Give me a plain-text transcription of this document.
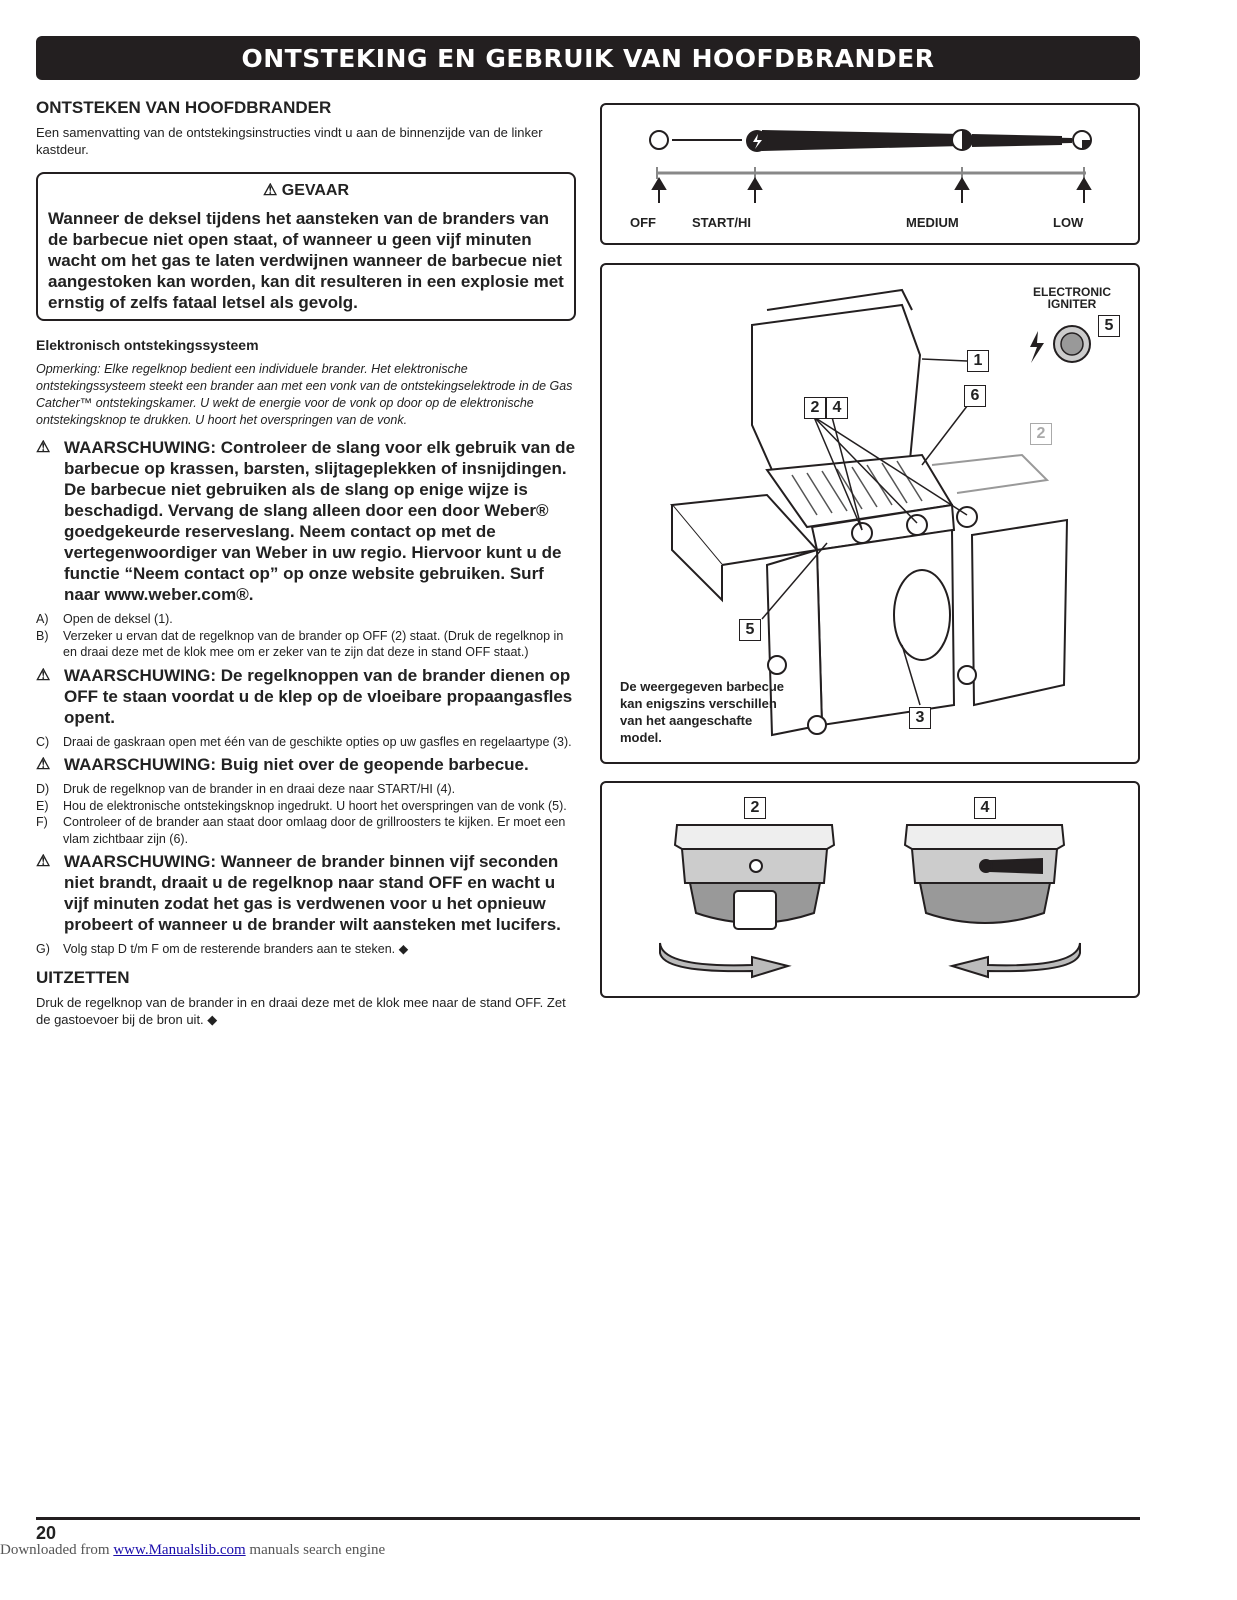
ONTSTEKING EN GEBRUIK VAN HOOFDBRANDER
ONTSTEKEN VAN HOOFDBRANDER

Een samenvatting van de ontstekingsinstructies vindt u aan de binnenzijde van de linker kastdeur.

⚠ GEVAAR
Wanneer de deksel tijdens het aansteken van de branders van de barbecue niet open staat, of wanneer u geen vijf minuten wacht om het gas te laten verdwijnen wanneer de barbecue niet aangestoken kan worden, kan dit resulteren in een explosie met ernstig of zelfs fataal letsel als gevolg.
Elektronisch ontstekingssysteem

Opmerking: Elke regelknop bedient een individuele brander. Het elektronische ontstekingssysteem steekt een brander aan met een vonk van de ontstekingselektrode in de Gas Catcher™ ontstekingskamer. U wekt de energie voor de vonk op door op de elektronische ontstekingsknop te drukken. U hoort het overspringen van de vonk.

⚠ WAARSCHUWING: Controleer de slang voor elk gebruik van de barbecue op krassen, barsten, slijtageplekken of insnijdingen. De barbecue niet gebruiken als de slang op enige wijze is beschadigd. Vervang de slang alleen door een door Weber® goedgekeurde reserveslang. Neem contact op met de vertegenwoordiger van Weber in uw regio. Hiervoor kunt u de functie “Neem contact op” op onze website gebruiken. Surf naar www.weber.com®.
A)	Open de deksel (1).
B)	Verzeker u ervan dat de regelknop van de brander op OFF (2) staat. (Druk de regelknop in en draai deze met de klok mee om er zeker van te zijn dat deze in stand OFF staat.)
⚠ WAARSCHUWING: De regelknoppen van de brander dienen op OFF te staan voordat u de klep op de vloeibare propaangasfles opent.
C)	Draai de gaskraan open met één van de geschikte opties op uw gasfles en regelaartype (3).
⚠ WAARSCHUWING: Buig niet over de geopende barbecue.
D)	Druk de regelknop van de brander in en draai deze naar START/HI (4).
E)	Hou de elektronische ontstekingsknop ingedrukt. U hoort het overspringen van de vonk (5).
F)	Controleer of de brander aan staat door omlaag door de grillroosters te kijken. Er moet een vlam zichtbaar zijn (6).
⚠ WAARSCHUWING: Wanneer de brander binnen vijf seconden niet brandt, draait u de regelknop naar stand OFF en wacht u vijf minuten zodat het gas is verdwenen voor u het opnieuw probeert of wanneer u de brander wilt aansteken met lucifers.
G)	Volg stap D t/m F om de resterende branders aan te steken. ◆
UITZETTEN

Druk de regelknop van de brander in en draai deze met de klok mee naar de stand OFF. Zet de gastoevoer bij de bron uit. ◆

OFF	START/HI	MEDIUM	LOW
ELECTRONIC IGNITER
1
2 4
5
6
2
5
3
De weergegeven barbecue kan enigszins verschillen van het aangeschafte model.
2	4
20
Downloaded from www.Manualslib.com manuals search engine
